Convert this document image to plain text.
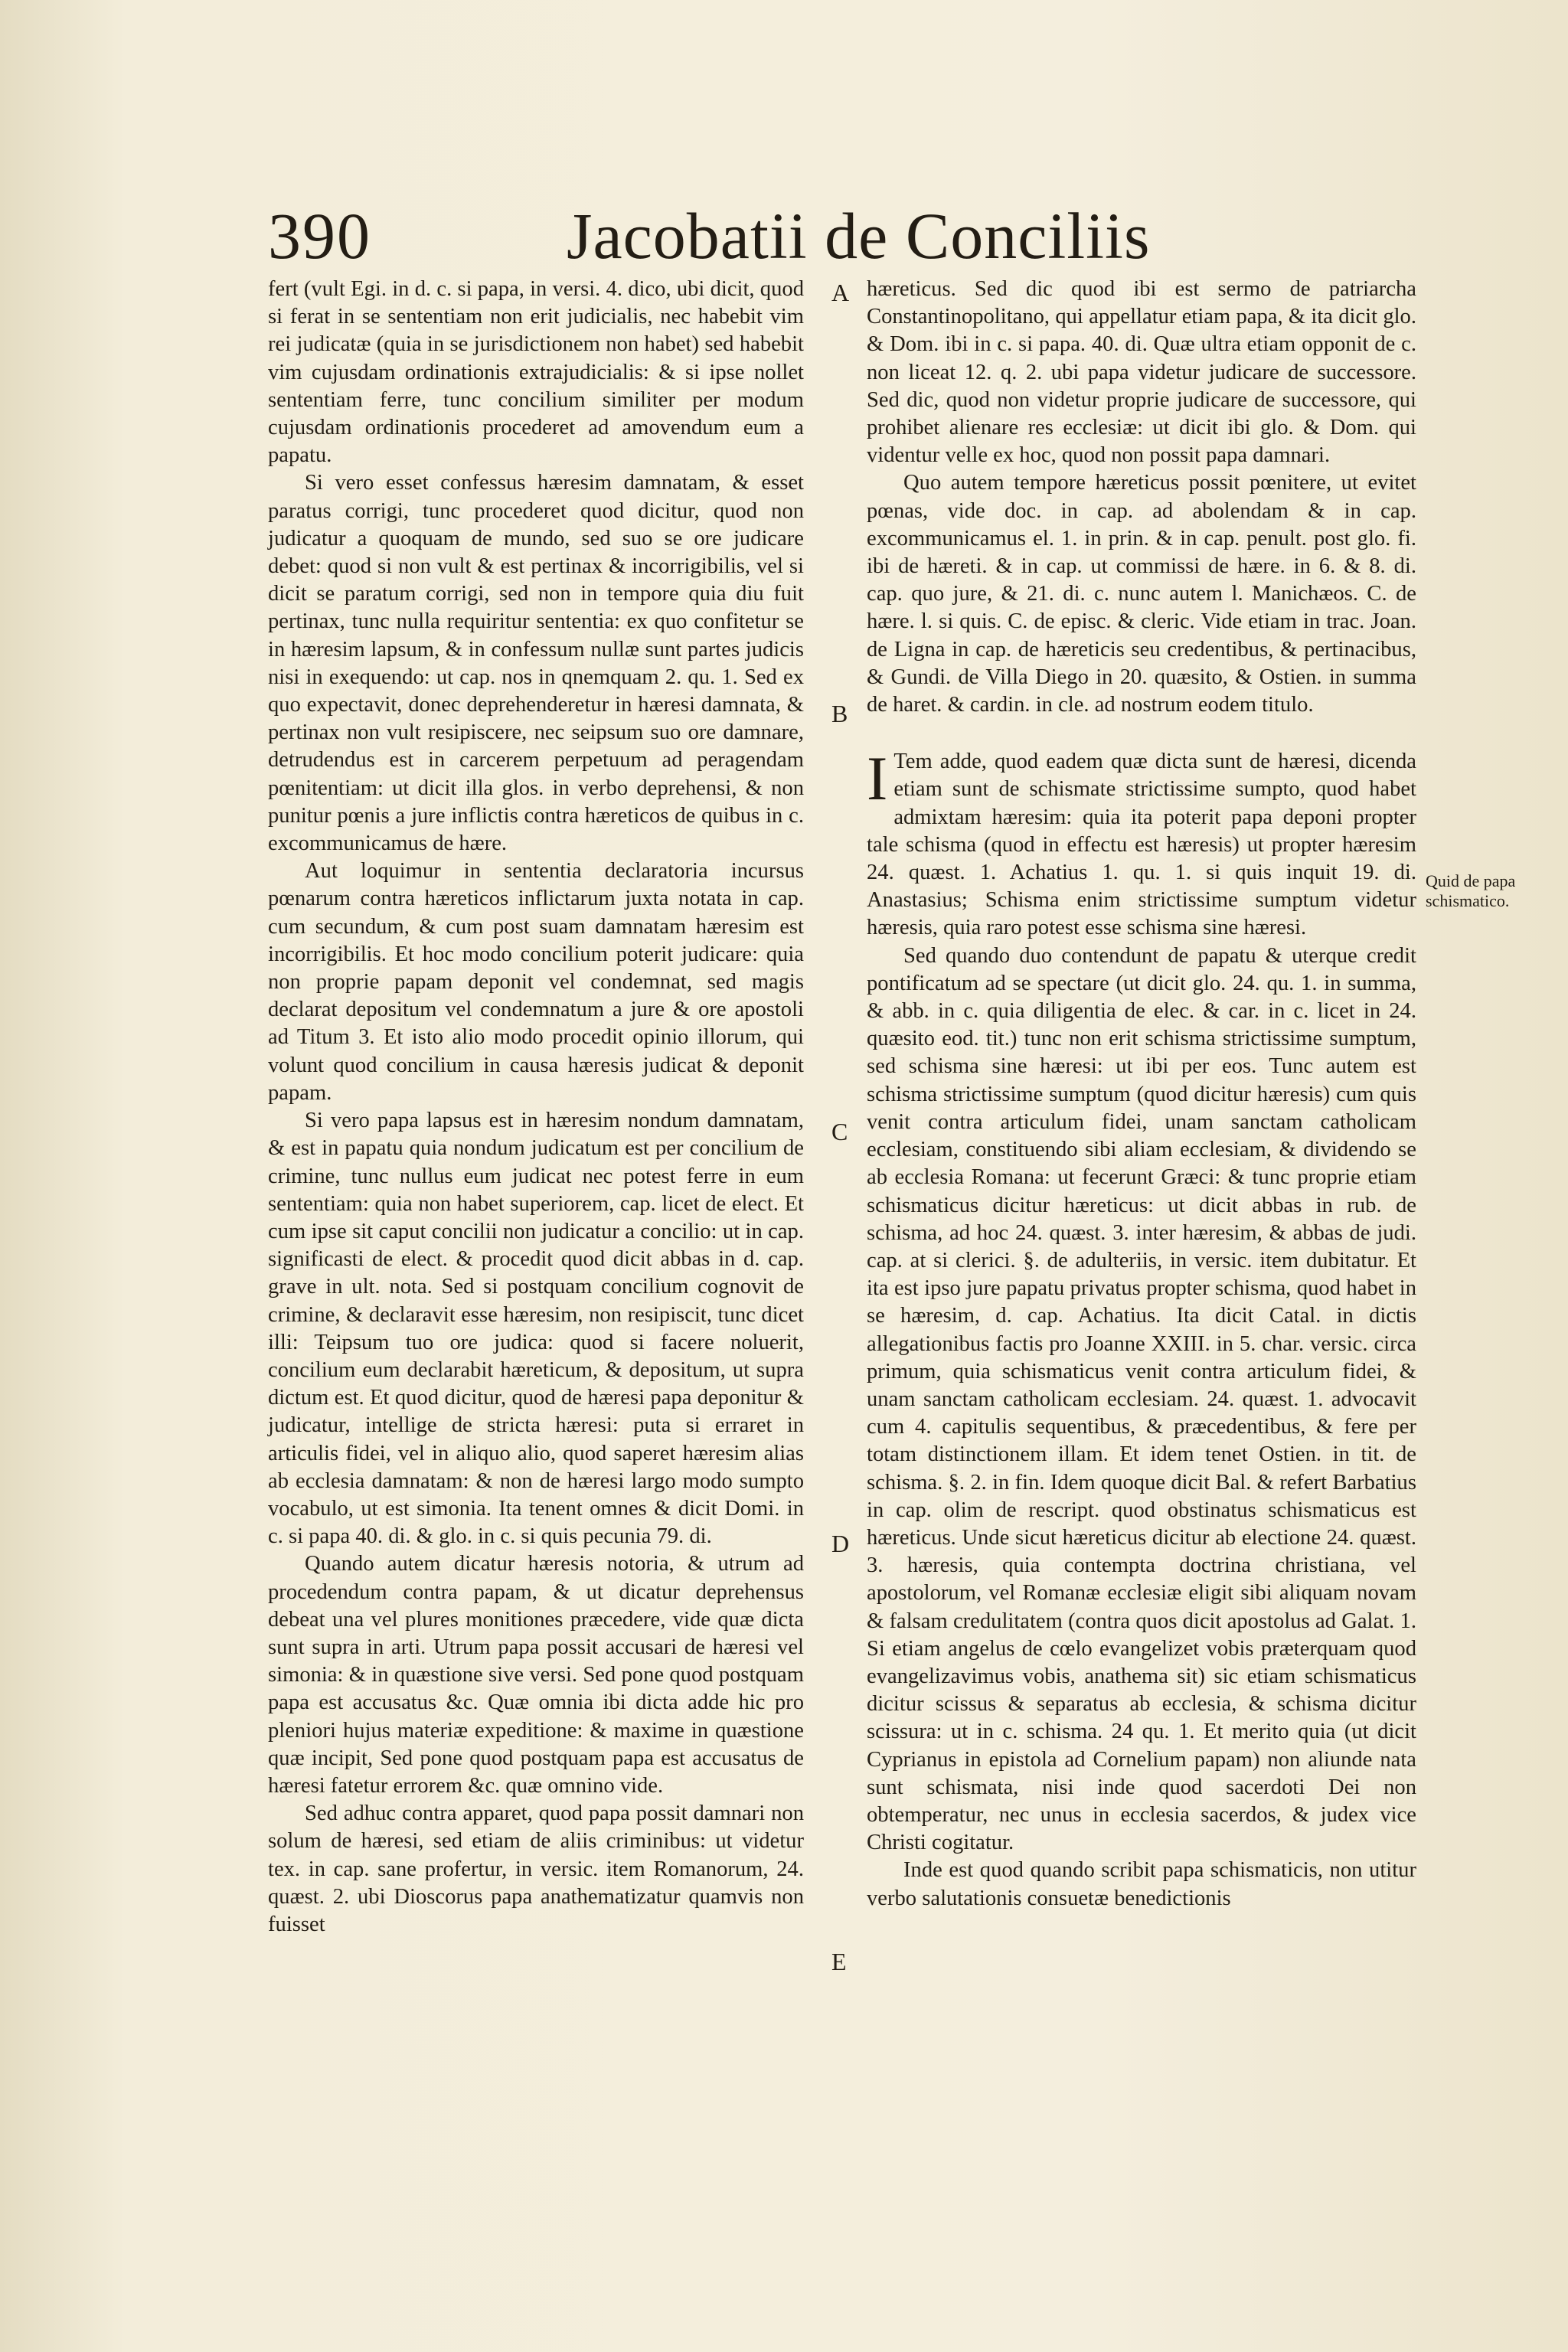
390	Jacobatii de Conciliis

fert (vult Egi. in d. c. si papa, in versi. 4. dico, ubi dicit, quod si ferat in se sententiam non erit judicialis, nec habebit vim rei judicatæ (quia in se jurisdictionem non habet) sed habebit vim cujusdam ordinationis extrajudicialis: & si ipse nollet sententiam ferre, tunc concilium similiter per modum cujusdam ordinationis procederet ad amovendum eum a papatu.

Si vero esset confessus hæresim damnatam, & esset paratus corrigi, tunc procederet quod dicitur, quod non judicatur a quoquam de mundo, sed suo se ore judicare debet: quod si non vult & est pertinax & incorrigibilis, vel si dicit se paratum corrigi, sed non in tempore quia diu fuit pertinax, tunc nulla requiritur sententia: ex quo confitetur se in hæresim lapsum, & in confessum nullæ sunt partes judicis nisi in exequendo: ut cap. nos in qnemquam 2. qu. 1. Sed ex quo expectavit, donec deprehenderetur in hæresi damnata, & pertinax non vult resipiscere, nec seipsum suo ore damnare, detrudendus est in carcerem perpetuum ad peragendam pœnitentiam: ut dicit illa glos. in verbo deprehensi, & non punitur pœnis a jure inflictis contra hæreticos de quibus in c. excommunicamus de hære.

Aut loquimur in sententia declaratoria incursus pœnarum contra hæreticos inflictarum juxta notata in cap. cum secundum, & cum post suam damnatam hæresim est incorrigibilis. Et hoc modo concilium poterit judicare: quia non proprie papam deponit vel condemnat, sed magis declarat depositum vel condemnatum a jure & ore apostoli ad Titum 3. Et isto alio modo procedit opinio illorum, qui volunt quod concilium in causa hæresis judicat & deponit papam.

Si vero papa lapsus est in hæresim nondum damnatam, & est in papatu quia nondum judicatum est per concilium de crimine, tunc nullus eum judicat nec potest ferre in eum sententiam: quia non habet superiorem, cap. licet de elect. Et cum ipse sit caput concilii non judicatur a concilio: ut in cap. significasti de elect. & procedit quod dicit abbas in d. cap. grave in ult. nota. Sed si postquam concilium cognovit de crimine, & declaravit esse hæresim, non resipiscit, tunc dicet illi: Teipsum tuo ore judica: quod si facere noluerit, concilium eum declarabit hæreticum, & depositum, ut supra dictum est. Et quod dicitur, quod de hæresi papa deponitur & judicatur, intellige de stricta hæresi: puta si erraret in articulis fidei, vel in aliquo alio, quod saperet hæresim alias ab ecclesia damnatam: & non de hæresi largo modo sumpto vocabulo, ut est simonia. Ita tenent omnes & dicit Domi. in c. si papa 40. di. & glo. in c. si quis pecunia 79. di.

Quando autem dicatur hæresis notoria, & utrum ad procedendum contra papam, & ut dicatur deprehensus debeat una vel plures monitiones præcedere, vide quæ dicta sunt supra in arti. Utrum papa possit accusari de hæresi vel simonia: & in quæstione sive versi. Sed pone quod postquam papa est accusatus &c. Quæ omnia ibi dicta adde hic pro pleniori hujus materiæ expeditione: & maxime in quæstione quæ incipit, Sed pone quod postquam papa est accusatus de hæresi fatetur errorem &c. quæ omnino vide.

Sed adhuc contra apparet, quod papa possit damnari non solum de hæresi, sed etiam de aliis criminibus: ut videtur tex. in cap. sane profertur, in versic. item Romanorum, 24. quæst. 2. ubi Dioscorus papa anathematizatur quamvis non fuisset

A
B
C
D
E

hæreticus. Sed dic quod ibi est sermo de patriarcha Constantinopolitano, qui appellatur etiam papa, & ita dicit glo. & Dom. ibi in c. si papa. 40. di. Quæ ultra etiam opponit de c. non liceat 12. q. 2. ubi papa videtur judicare de successore. Sed dic, quod non videtur proprie judicare de successore, qui prohibet alienare res ecclesiæ: ut dicit ibi glo. & Dom. qui videntur velle ex hoc, quod non possit papa damnari.

Quo autem tempore hæreticus possit pœnitere, ut evitet pœnas, vide doc. in cap. ad abolendam & in cap. excommunicamus el. 1. in prin. & in cap. penult. post glo. fi. ibi de hæreti. & in cap. ut commissi de hære. in 6. & 8. di. cap. quo jure, & 21. di. c. nunc autem l. Manichæos. C. de hære. l. si quis. C. de episc. & cleric. Vide etiam in trac. Joan. de Ligna in cap. de hæreticis seu credentibus, & pertinacibus, & Gundi. de Villa Diego in 20. quæsito, & Ostien. in summa de haret. & cardin. in cle. ad nostrum eodem titulo.

I Tem adde, quod eadem quæ dicta sunt de hæresi, dicenda etiam sunt de schismate strictissime sumpto, quod habet admixtam hæresim: quia ita poterit papa deponi propter tale schisma (quod in effectu est hæresis) ut propter hæresim 24. quæst. 1. Achatius 1. qu. 1. si quis inquit 19. di. Anastasius; Schisma enim strictissime sumptum videtur hæresis, quia raro potest esse schisma sine hæresi.

Sed quando duo contendunt de papatu & uterque credit pontificatum ad se spectare (ut dicit glo. 24. qu. 1. in summa, & abb. in c. quia diligentia de elec. & car. in c. licet in 24. quæsito eod. tit.) tunc non erit schisma strictissime sumptum, sed schisma sine hæresi: ut ibi per eos. Tunc autem est schisma strictissime sumptum (quod dicitur hæresis) cum quis venit contra articulum fidei, unam sanctam catholicam ecclesiam, constituendo sibi aliam ecclesiam, & dividendo se ab ecclesia Romana: ut fecerunt Græci: & tunc proprie etiam schismaticus dicitur hæreticus: ut dicit abbas in rub. de schisma, ad hoc 24. quæst. 3. inter hæresim, & abbas de judi. cap. at si clerici. §. de adulteriis, in versic. item dubitatur. Et ita est ipso jure papatu privatus propter schisma, quod habet in se hæresim, d. cap. Achatius. Ita dicit Catal. in dictis allegationibus factis pro Joanne XXIII. in 5. char. versic. circa primum, quia schismaticus venit contra articulum fidei, & unam sanctam catholicam ecclesiam. 24. quæst. 1. advocavit cum 4. capitulis sequentibus, & præcedentibus, & fere per totam distinctionem illam. Et idem tenet Ostien. in tit. de schisma. §. 2. in fin. Idem quoque dicit Bal. & refert Barbatius in cap. olim de rescript. quod obstinatus schismaticus est hæreticus. Unde sicut hæreticus dicitur ab electione 24. quæst. 3. hæresis, quia contempta doctrina christiana, vel apostolorum, vel Romanæ ecclesiæ eligit sibi aliquam novam & falsam credulitatem (contra quos dicit apostolus ad Galat. 1. Si etiam angelus de cœlo evangelizet vobis præterquam quod evangelizavimus vobis, anathema sit) sic etiam schismaticus dicitur scissus & separatus ab ecclesia, & schisma dicitur scissura: ut in c. schisma. 24 qu. 1. Et merito quia (ut dicit Cyprianus in epistola ad Cornelium papam) non aliunde nata sunt schismata, nisi inde quod sacerdoti Dei non obtemperatur, nec unus in ecclesia sacerdos, & judex vice Christi cogitatur.

Inde est quod quando scribit papa schismaticis, non utitur verbo salutationis consuetæ benedictionis

Quid de papa schismatico.
